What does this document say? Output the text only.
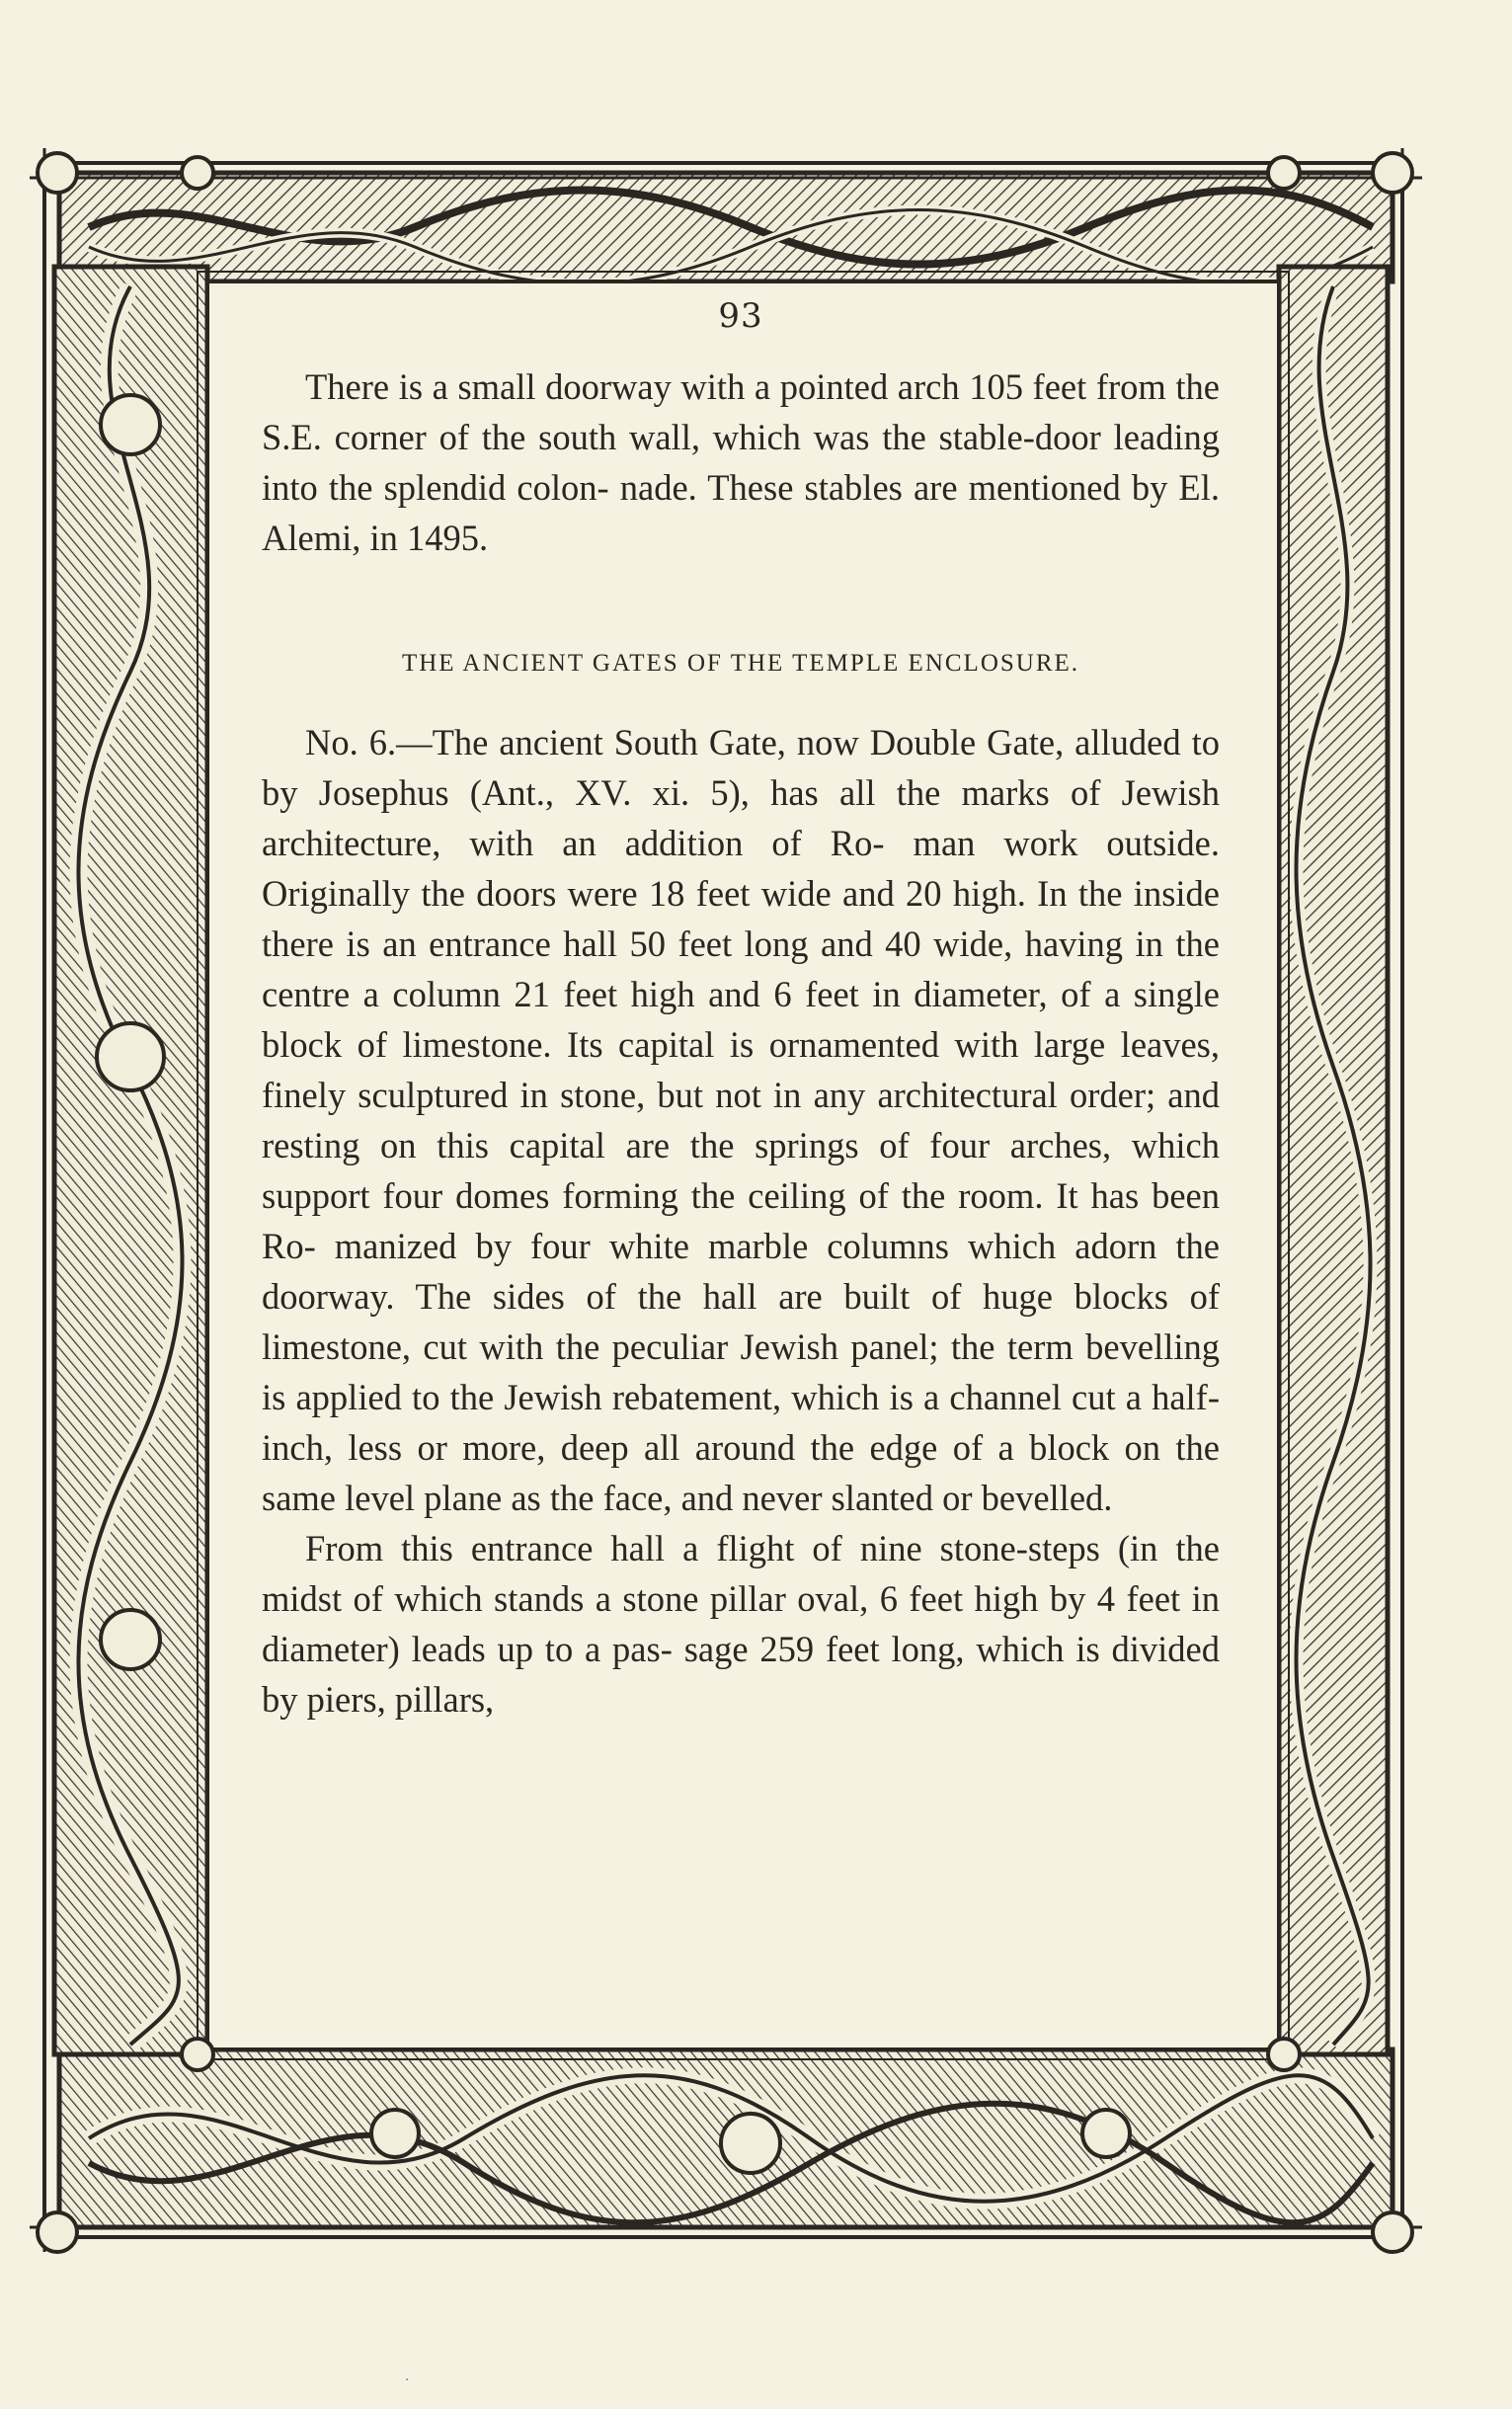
93

There is a small doorway with a pointed arch 105 feet from the S.E. corner of the south wall, which was the stable-door leading into the splendid colon- nade. These stables are mentioned by El. Alemi, in 1495.

THE ANCIENT GATES OF THE TEMPLE ENCLOSURE.

No. 6.—The ancient South Gate, now Double Gate, alluded to by Josephus (Ant., XV. xi. 5), has all the marks of Jewish architecture, with an addition of Ro- man work outside. Originally the doors were 18 feet wide and 20 high. In the inside there is an entrance hall 50 feet long and 40 wide, having in the centre a column 21 feet high and 6 feet in diameter, of a single block of limestone. Its capital is ornamented with large leaves, finely sculptured in stone, but not in any architectural order; and resting on this capital are the springs of four arches, which support four domes forming the ceiling of the room. It has been Ro- manized by four white marble columns which adorn the doorway. The sides of the hall are built of huge blocks of limestone, cut with the peculiar Jewish panel; the term bevelling is applied to the Jewish rebatement, which is a channel cut a half-inch, less or more, deep all around the edge of a block on the same level plane as the face, and never slanted or bevelled.

From this entrance hall a flight of nine stone-steps (in the midst of which stands a stone pillar oval, 6 feet high by 4 feet in diameter) leads up to a pas- sage 259 feet long, which is divided by piers, pillars,

.
